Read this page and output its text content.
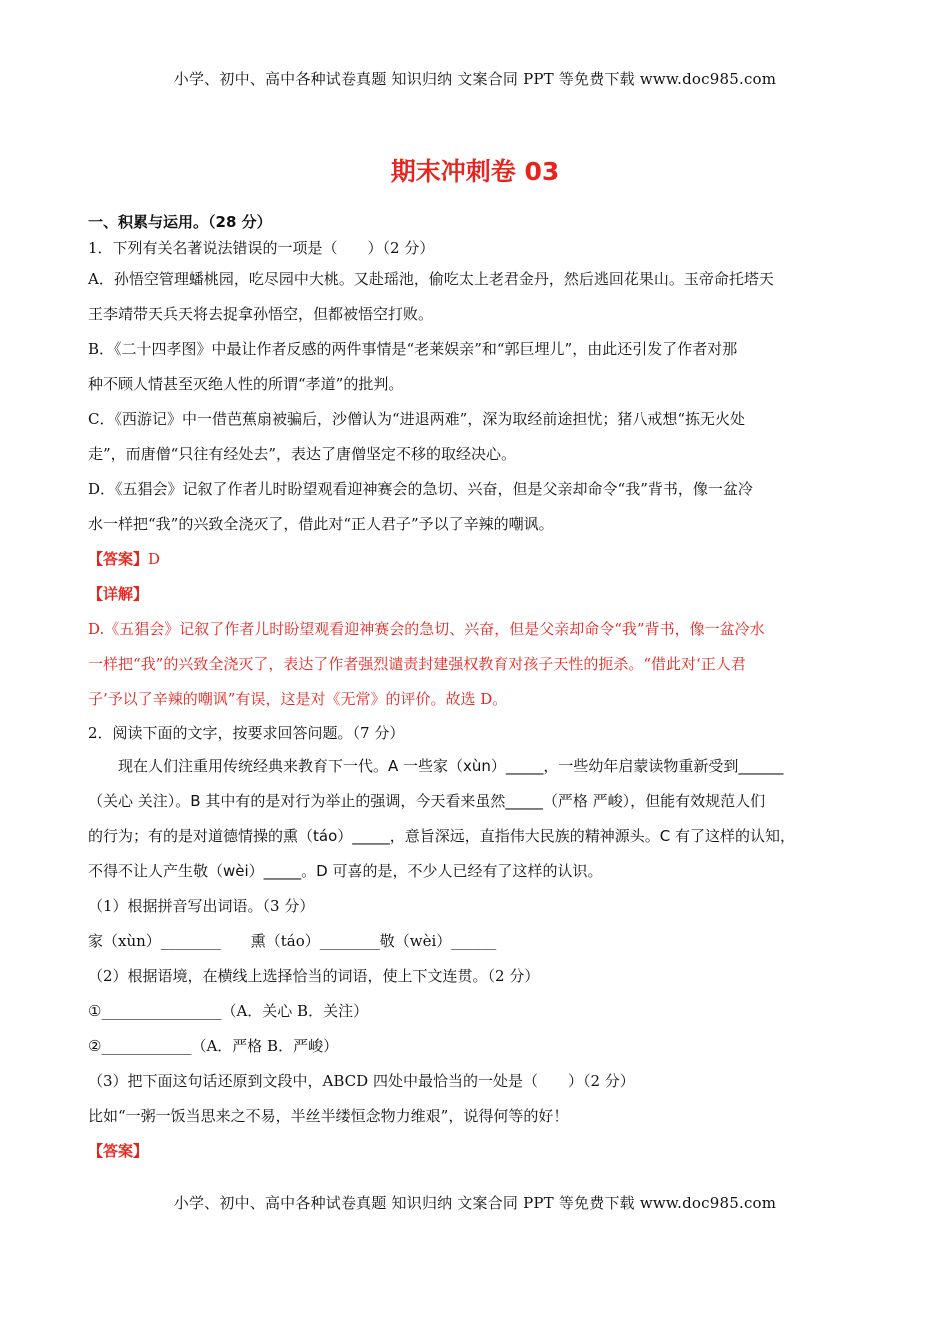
小学、初中、高中各种试卷真题 知识归纳 文案合同 PPT 等免费下载 www.doc985.com
期末冲刺卷 03

一、积累与运用。（28 分）

1．下列有关名著说法错误的一项是（　　）（2 分）

A．孙悟空管理蟠桃园，吃尽园中大桃。又赴瑶池，偷吃太上老君金丹，然后逃回花果山。玉帝命托塔天

王李靖带天兵天将去捉拿孙悟空，但都被悟空打败。

B．《二十四孝图》中最让作者反感的两件事情是“老莱娱亲”和“郭巨埋儿”，由此还引发了作者对那

种不顾人情甚至灭绝人性的所谓“孝道”的批判。

C．《西游记》中一借芭蕉扇被骗后，沙僧认为“进退两难”，深为取经前途担忧；猪八戒想“拣无火处

走”，而唐僧“只往有经处去”，表达了唐僧坚定不移的取经决心。

D．《五猖会》记叙了作者儿时盼望观看迎神赛会的急切、兴奋，但是父亲却命令“我”背书，像一盆冷

水一样把“我”的兴致全浇灭了，借此对“正人君子”予以了辛辣的嘲讽。

【答案】D

【详解】

D.《五猖会》记叙了作者儿时盼望观看迎神赛会的急切、兴奋，但是父亲却命令“我”背书，像一盆冷水

一样把“我”的兴致全浇灭了，表达了作者强烈谴责封建强权教育对孩子天性的扼杀。“借此对‘正人君

子’予以了辛辣的嘲讽”有误，这是对《无常》的评价。故选 D。

2．阅读下面的文字，按要求回答问题。（7 分）

现在人们注重用传统经典来教育下一代。A 一些家（xùn）_____，一些幼年启蒙读物重新受到______

（关心 关注）。B 其中有的是对行为举止的强调，今天看来虽然_____（严格 严峻），但能有效规范人们

的行为；有的是对道德情操的熏（táo）_____，意旨深远，直指伟大民族的精神源头。C 有了这样的认知，

不得不让人产生敬（wèi）_____。D 可喜的是，不少人已经有了这样的认识。

（1）根据拼音写出词语。（3 分）

家（xùn）________　　熏（táo）________敬（wèi）______

（2）根据语境，在横线上选择恰当的词语，使上下文连贯。（2 分）

①________________（A．关心 B．关注）

②____________（A．严格 B．严峻）

（3）把下面这句话还原到文段中，ABCD 四处中最恰当的一处是（　　）（2 分）

比如“一粥一饭当思来之不易，半丝半缕恒念物力维艰”，说得何等的好！

【答案】

小学、初中、高中各种试卷真题 知识归纳 文案合同 PPT 等免费下载 www.doc985.com
